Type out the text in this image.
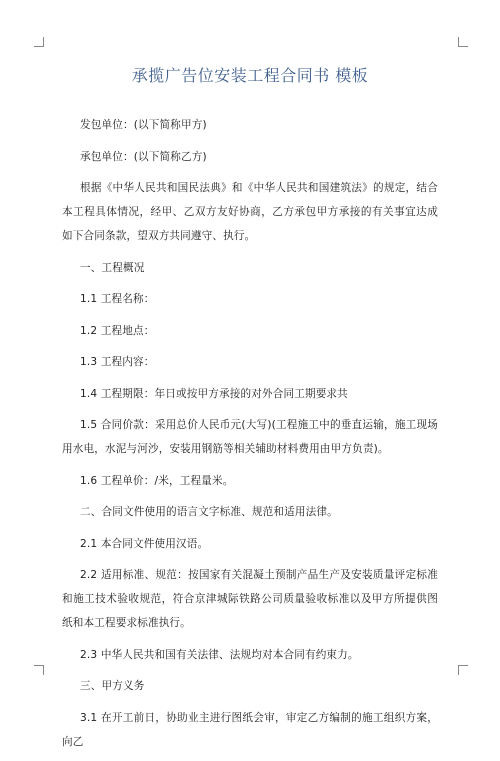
承揽广告位安装工程合同书 模板

发包单位：(以下简称甲方)

承包单位：(以下简称乙方)

根据《中华人民共和国民法典》和《中华人民共和国建筑法》的规定，结合本工程具体情况，经甲、乙双方友好协商，乙方承包甲方承接的有关事宜达成如下合同条款，望双方共同遵守、执行。

一、工程概况

1.1 工程名称：

1.2 工程地点：

1.3 工程内容：

1.4 工程期限：年日或按甲方承接的对外合同工期要求共

1.5 合同价款：采用总价人民币元(大写)(工程施工中的垂直运输，施工现场用水电，水泥与河沙，安装用钢筋等相关辅助材料费用由甲方负责)。

1.6 工程单价：/米，工程量米。

二、合同文件使用的语言文字标准、规范和适用法律。

2.1 本合同文件使用汉语。

2.2 适用标准、规范：按国家有关混凝土预制产品生产及安装质量评定标准和施工技术验收规范，符合京津城际铁路公司质量验收标准以及甲方所提供图纸和本工程要求标准执行。

2.3 中华人民共和国有关法律、法规均对本合同有约束力。

三、甲方义务

3.1 在开工前日，协助业主进行图纸会审，审定乙方编制的施工组织方案，向乙
